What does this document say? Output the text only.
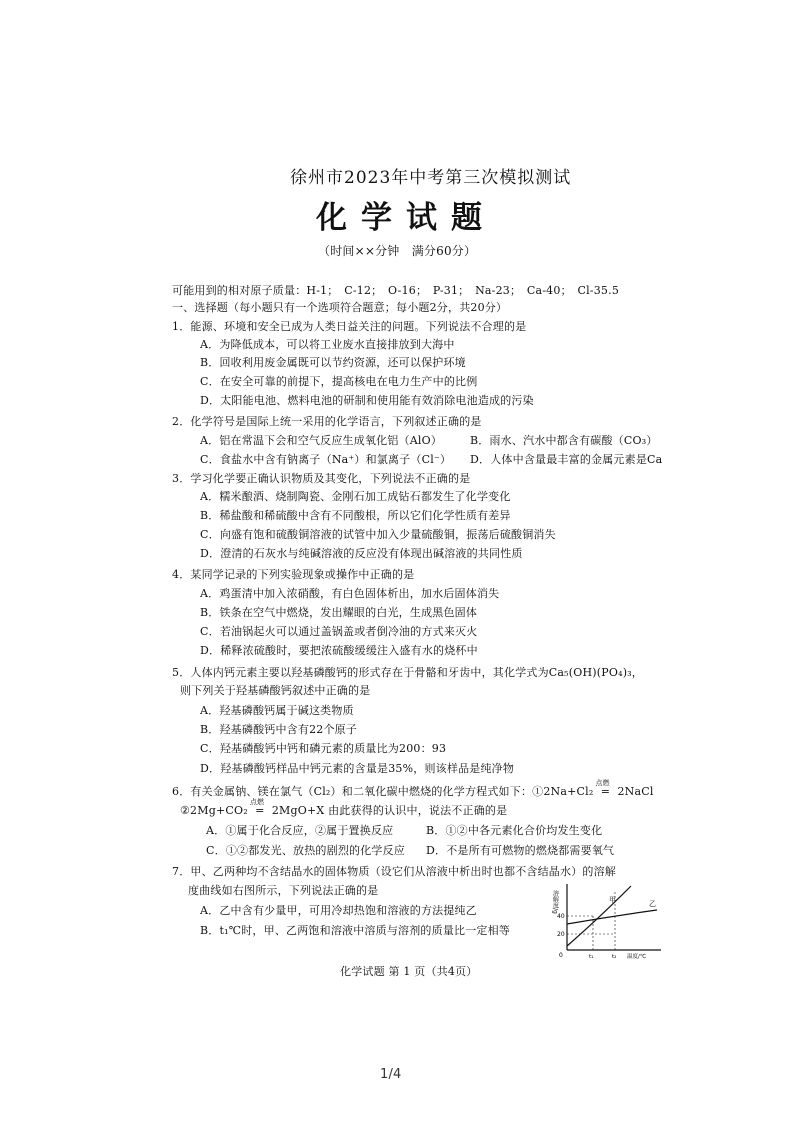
徐州市2023年中考第三次模拟测试
化学试题
（时间××分钟　满分60分）
可能用到的相对原子质量：H-1；　C-12；　O-16；　P-31；　Na-23；　Ca-40；　Cl-35.5
一、选择题（每小题只有一个选项符合题意；每小题2分，共20分）
1．能源、环境和安全已成为人类日益关注的问题。下列说法不合理的是
A．为降低成本，可以将工业废水直接排放到大海中
B．回收利用废金属既可以节约资源，还可以保护环境
C．在安全可靠的前提下，提高核电在电力生产中的比例
D．太阳能电池、燃料电池的研制和使用能有效消除电池造成的污染
2．化学符号是国际上统一采用的化学语言，下列叙述正确的是
A．铝在常温下会和空气反应生成氧化铝（AlO）	B．雨水、汽水中都含有碳酸（CO₃）
C．食盐水中含有钠离子（Na⁺）和氯离子（Cl⁻） D．人体中含量最丰富的金属元素是Ca
3．学习化学要正确认识物质及其变化，下列说法不正确的是
A．糯米酿酒、烧制陶瓷、金刚石加工成钻石都发生了化学变化
B．稀盐酸和稀硫酸中含有不同酸根，所以它们化学性质有差异
C．向盛有饱和硫酸铜溶液的试管中加入少量硫酸铜，振荡后硫酸铜消失
D．澄清的石灰水与纯碱溶液的反应没有体现出碱溶液的共同性质
4．某同学记录的下列实验现象或操作中正确的是
A．鸡蛋清中加入浓硝酸，有白色固体析出，加水后固体消失
B．铁条在空气中燃烧，发出耀眼的白光，生成黑色固体
C．若油锅起火可以通过盖锅盖或者倒冷油的方式来灭火
D．稀释浓硫酸时，要把浓硫酸缓缓注入盛有水的烧杯中
5．人体内钙元素主要以羟基磷酸钙的形式存在于骨骼和牙齿中，其化学式为Ca₅(OH)(PO₄)₃，
则下列关于羟基磷酸钙叙述中正确的是
A．羟基磷酸钙属于碱这类物质
B．羟基磷酸钙中含有22个原子
C．羟基磷酸钙中钙和磷元素的质量比为200：93
D．羟基磷酸钙样品中钙元素的含量是35%，则该样品是纯净物
6．有关金属钠、镁在氯气（Cl₂）和二氧化碳中燃烧的化学方程式如下：①2Na+Cl₂
点燃
= 2NaCl
②2Mg+CO₂
点燃
= 2MgO+X 由此获得的认识中，说法不正确的是
A．①属于化合反应，②属于置换反应	B．①②中各元素化合价均发生变化
C．①②都发光、放热的剧烈的化学反应 D．不是所有可燃物的燃烧都需要氧气
7．甲、乙两种均不含结晶水的固体物质（设它们从溶液中析出时也都不含结晶水）的溶解
度曲线如右图所示，下列说法正确的是
A．乙中含有少量甲，可用冷却热饱和溶液的方法提纯乙
B．t₁℃时，甲、乙两饱和溶液中溶质与溶剂的质量比一定相等
溶解度/g
40
20
0
甲	乙
t₁	t₂ 温度/℃
化学试题 第 1 页（共4页）
1/4
